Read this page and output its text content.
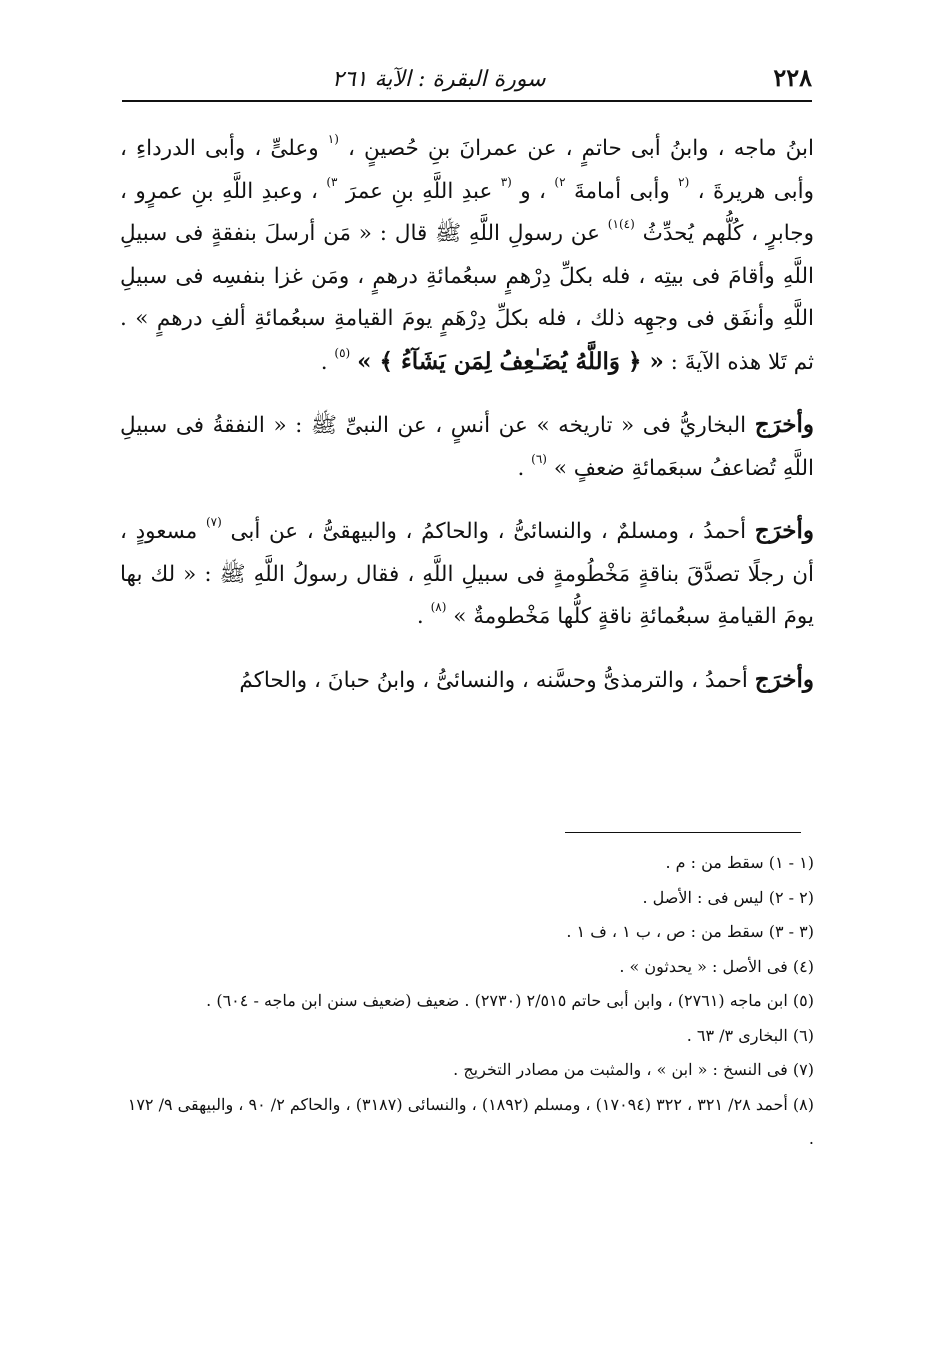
٢٢٨
سورة البقرة : الآية ٢٦١

ابنُ ماجه ، وابنُ أبى حاتمٍ ، عن عمرانَ بنِ حُصينٍ ، $^{(١}$ وعلىٍّ ، وأبى الدرداءِ ، وأبى هريرةَ ، $^{(٢}$ وأبى أمامةَ $^{٢)}$ ، و $^{(٣}$ عبدِ اللَّهِ بنِ عمرَ $^{٣)}$ ، وعبدِ اللَّهِ بنِ عمرٍو ، وجابرٍ ، كُلُّهم يُحدِّثُ $^{(٤)١)}$ عن رسولِ اللَّهِ ﷺ قال : « مَن أرسلَ بنفقةٍ فى سبيلِ اللَّهِ وأقامَ فى بيتِه ، فله بكلِّ دِرْهمٍ سبعُمائةِ درهمٍ ، ومَن غزا بنفسِه فى سبيلِ اللَّهِ وأنفَق فى وجهِه ذلك ، فله بكلِّ دِرْهَمٍ يومَ القيامةِ سبعُمائةِ ألفِ درهمٍ » . ثم تَلا هذه الآيةَ : « ﴿ وَاللَّهُ يُضَـٰعِفُ لِمَن يَشَآءُ ﴾ » $^{(٥)}$ .

وأخرَج البخاريُّ فى « تاريخه » عن أنسٍ ، عن النبىِّ ﷺ : « النفقةُ فى سبيلِ اللَّهِ تُضاعفُ سبعَمائةِ ضعفٍ » $^{(٦)}$ .

وأخرَج أحمدُ ، ومسلمٌ ، والنسائىُّ ، والحاكمُ ، والبيهقىُّ ، عن أبى $^{(٧)}$ مسعودٍ ، أن رجلًا تصدَّقَ بناقةٍ مَخْطُومةٍ فى سبيلِ اللَّهِ ، فقال رسولُ اللَّهِ ﷺ : « لك بها يومَ القيامةِ سبعُمائةِ ناقةٍ كلُّها مَخْطومةٌ » $^{(٨)}$ .

وأخرَج أحمدُ ، والترمذىُّ وحسَّنه ، والنسائىُّ ، وابنُ حبانَ ، والحاكمُ

(١ - ١) سقط من : م .
(٢ - ٢) ليس فى : الأصل .
(٣ - ٣) سقط من : ص ، ب ١ ، ف ١ .
(٤) فى الأصل : « يحدثون » .
(٥) ابن ماجه (٢٧٦١) ، وابن أبى حاتم ٢/٥١٥ (٢٧٣٠) . ضعيف (ضعيف سنن ابن ماجه - ٦٠٤) .
(٦) البخارى ٣/ ٦٣ .
(٧) فى النسخ : « ابن » ، والمثبت من مصادر التخريج .
(٨) أحمد ٢٨/ ٣٢١ ، ٣٢٢ (١٧٠٩٤) ، ومسلم (١٨٩٢) ، والنسائى (٣١٨٧) ، والحاكم ٢/ ٩٠ ، والبيهقى ٩/ ١٧٢ .
